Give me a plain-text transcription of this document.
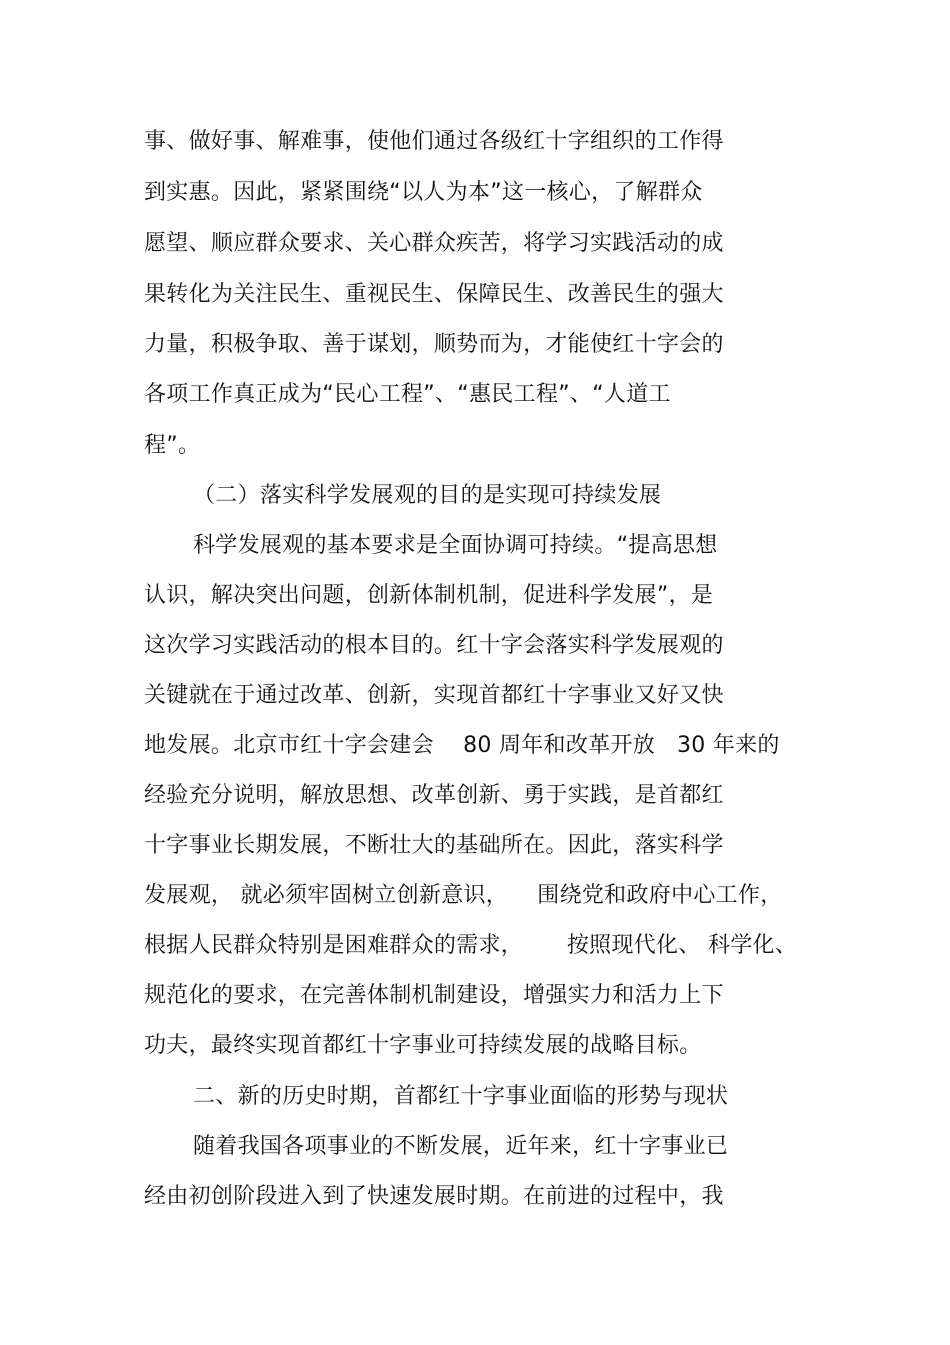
事、做好事、解难事，使他们通过各级红十字组织的工作得
到实惠。因此，紧紧围绕“以人为本”这一核心，了解群众
愿望、顺应群众要求、关心群众疾苦，将学习实践活动的成
果转化为关注民生、重视民生、保障民生、改善民生的强大
力量，积极争取、善于谋划，顺势而为，才能使红十字会的
各项工作真正成为“民心工程”、“惠民工程”、“人道工
程”。
（二）落实科学发展观的目的是实现可持续发展
科学发展观的基本要求是全面协调可持续。“提高思想
认识，解决突出问题，创新体制机制，促进科学发展”，是
这次学习实践活动的根本目的。红十字会落实科学发展观的
关键就在于通过改革、创新，实现首都红十字事业又好又快
地发展。北京市红十字会建会    80 周年和改革开放   30 年来的
经验充分说明，解放思想、改革创新、勇于实践，是首都红
十字事业长期发展，不断壮大的基础所在。因此，落实科学
发展观， 就必须牢固树立创新意识，    围绕党和政府中心工作，
根据人民群众特别是困难群众的需求，      按照现代化、 科学化、
规范化的要求，在完善体制机制建设，增强实力和活力上下
功夫，最终实现首都红十字事业可持续发展的战略目标。
二、新的历史时期，首都红十字事业面临的形势与现状
随着我国各项事业的不断发展，近年来，红十字事业已
经由初创阶段进入到了快速发展时期。在前进的过程中，我
